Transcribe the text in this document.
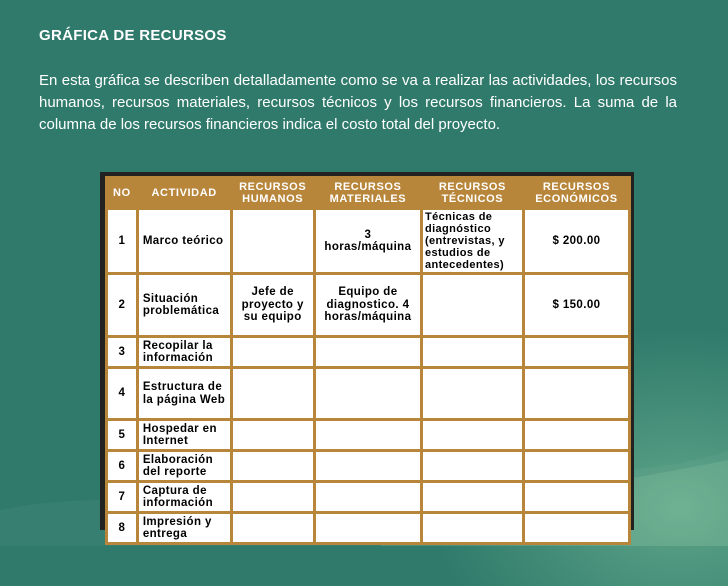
GRÁFICA DE RECURSOS

En esta gráfica se describen detalladamente como se va a realizar las actividades, los recursos humanos, recursos materiales, recursos técnicos y los recursos financieros. La suma de la columna de los recursos financieros indica el costo total del proyecto.

NO	ACTIVIDAD	RECURSOS HUMANOS	RECURSOS MATERIALES	RECURSOS TÉCNICOS	RECURSOS ECONÓMICOS
1	Marco teórico		3 horas/máquina	Técnicas de diagnóstico (entrevistas, y estudios de antecedentes)	$ 200.00
2	Situación problemática	Jefe de proyecto y su equipo	Equipo de diagnostico. 4 horas/máquina		$ 150.00
3	Recopilar la información				
4	Estructura de la página Web				
5	Hospedar en Internet				
6	Elaboración del reporte				
7	Captura de información				
8	Impresión y entrega				
